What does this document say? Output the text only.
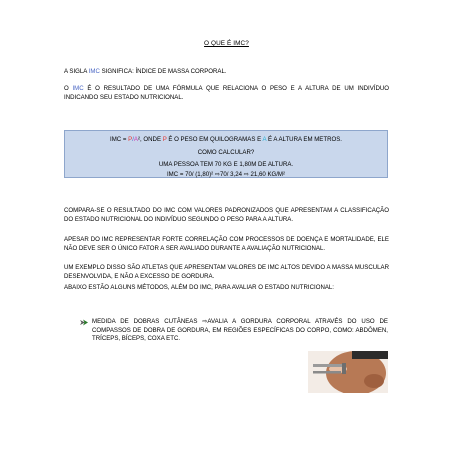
O QUE É IMC?
A SIGLA IMC SIGNIFICA: ÍNDICE DE MASSA CORPORAL.
O IMC É O RESULTADO DE UMA FÓRMULA QUE RELACIONA O PESO E A ALTURA DE UM INDIVÍDUO INDICANDO SEU ESTADO NUTRICIONAL.
IMC = P/A², ONDE P É O PESO EM QUILOGRAMAS E A É A ALTURA EM METROS.
COMO CALCULAR?
UMA PESSOA TEM 70 KG E 1,80M DE ALTURA.
IMC = 70/ (1,80)² ⇨70/ 3,24 ⇨ 21,60 KG/M²
COMPARA-SE O RESULTADO DO IMC COM VALORES PADRONIZADOS QUE APRESENTAM A CLASSIFICAÇÃO DO ESTADO NUTRICIONAL DO INDIVÍDUO SEGUNDO O PESO PARA A ALTURA.
APESAR DO IMC REPRESENTAR FORTE CORRELAÇÃO COM PROCESSOS DE DOENÇA E MORTALIDADE, ELE NÃO DEVE SER O ÚNICO FATOR A SER AVALIADO DURANTE A AVALIAÇÃO NUTRICIONAL.
UM EXEMPLO DISSO SÃO ATLETAS QUE APRESENTAM VALORES DE IMC ALTOS DEVIDO A MASSA MUSCULAR DESENVOLVIDA, E NÃO A EXCESSO DE GORDURA.
ABAIXO ESTÃO ALGUNS MÉTODOS, ALÉM DO IMC, PARA AVALIAR O ESTADO NUTRICIONAL:
MEDIDA DE DOBRAS CUTÂNEAS ⇨AVALIA A GORDURA CORPORAL ATRAVÉS DO USO DE COMPASSOS DE DOBRA DE GORDURA, EM REGIÕES ESPECÍFICAS DO CORPO, COMO: ABDÔMEN, TRÍCEPS, BÍCEPS, COXA ETC.
